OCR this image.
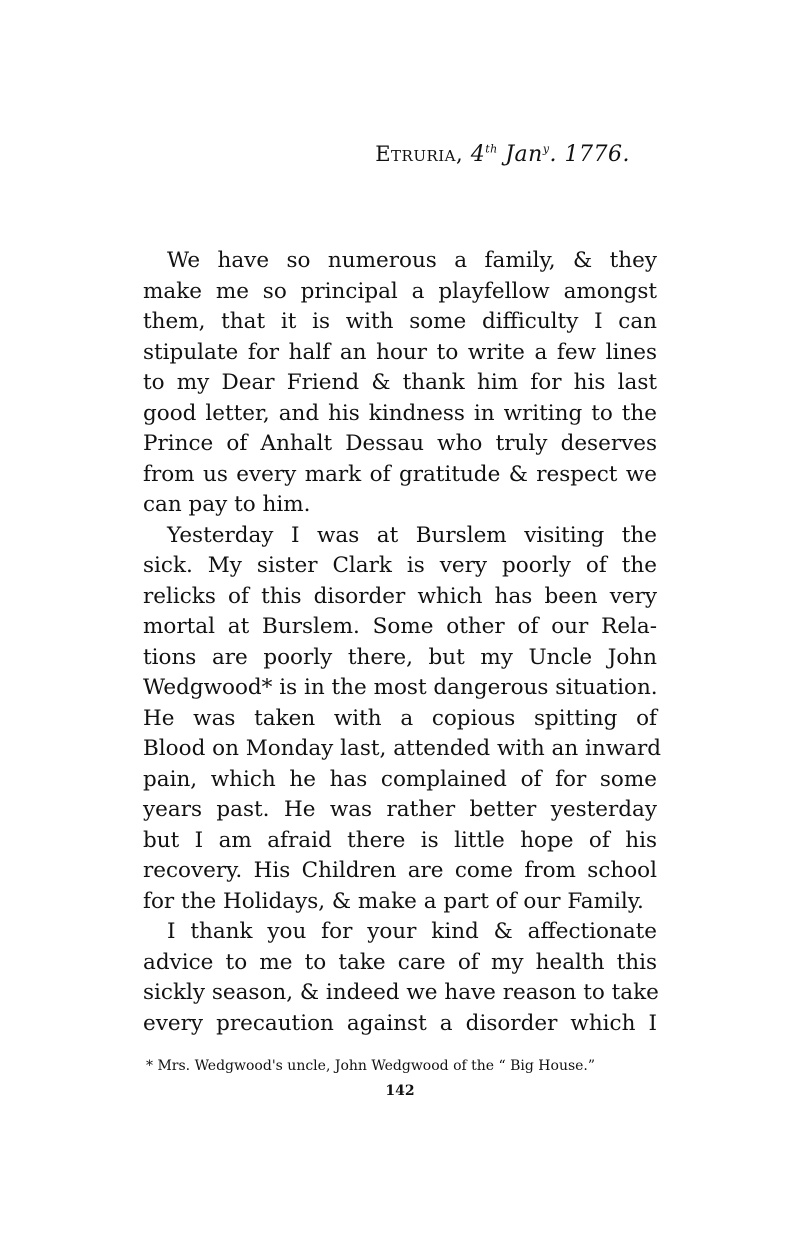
Etruria, 4th Jan$^y$. 1776.
We have so numerous a family, & they
make me so principal a playfellow amongst
them, that it is with some difficulty I can
stipulate for half an hour to write a few lines
to my Dear Friend & thank him for his last
good letter, and his kindness in writing to the
Prince of Anhalt Dessau who truly deserves
from us every mark of gratitude & respect we
can pay to him.
Yesterday I was at Burslem visiting the
sick. My sister Clark is very poorly of the
relicks of this disorder which has been very
mortal at Burslem. Some other of our Rela-
tions are poorly there, but my Uncle John
Wedgwood* is in the most dangerous situation.
He was taken with a copious spitting of
Blood on Monday last, attended with an inward
pain, which he has complained of for some
years past. He was rather better yesterday
but I am afraid there is little hope of his
recovery. His Children are come from school
for the Holidays, & make a part of our Family.
I thank you for your kind & affectionate
advice to me to take care of my health this
sickly season, & indeed we have reason to take
every precaution against a disorder which I
* Mrs. Wedgwood's uncle, John Wedgwood of the “ Big House.”
142
